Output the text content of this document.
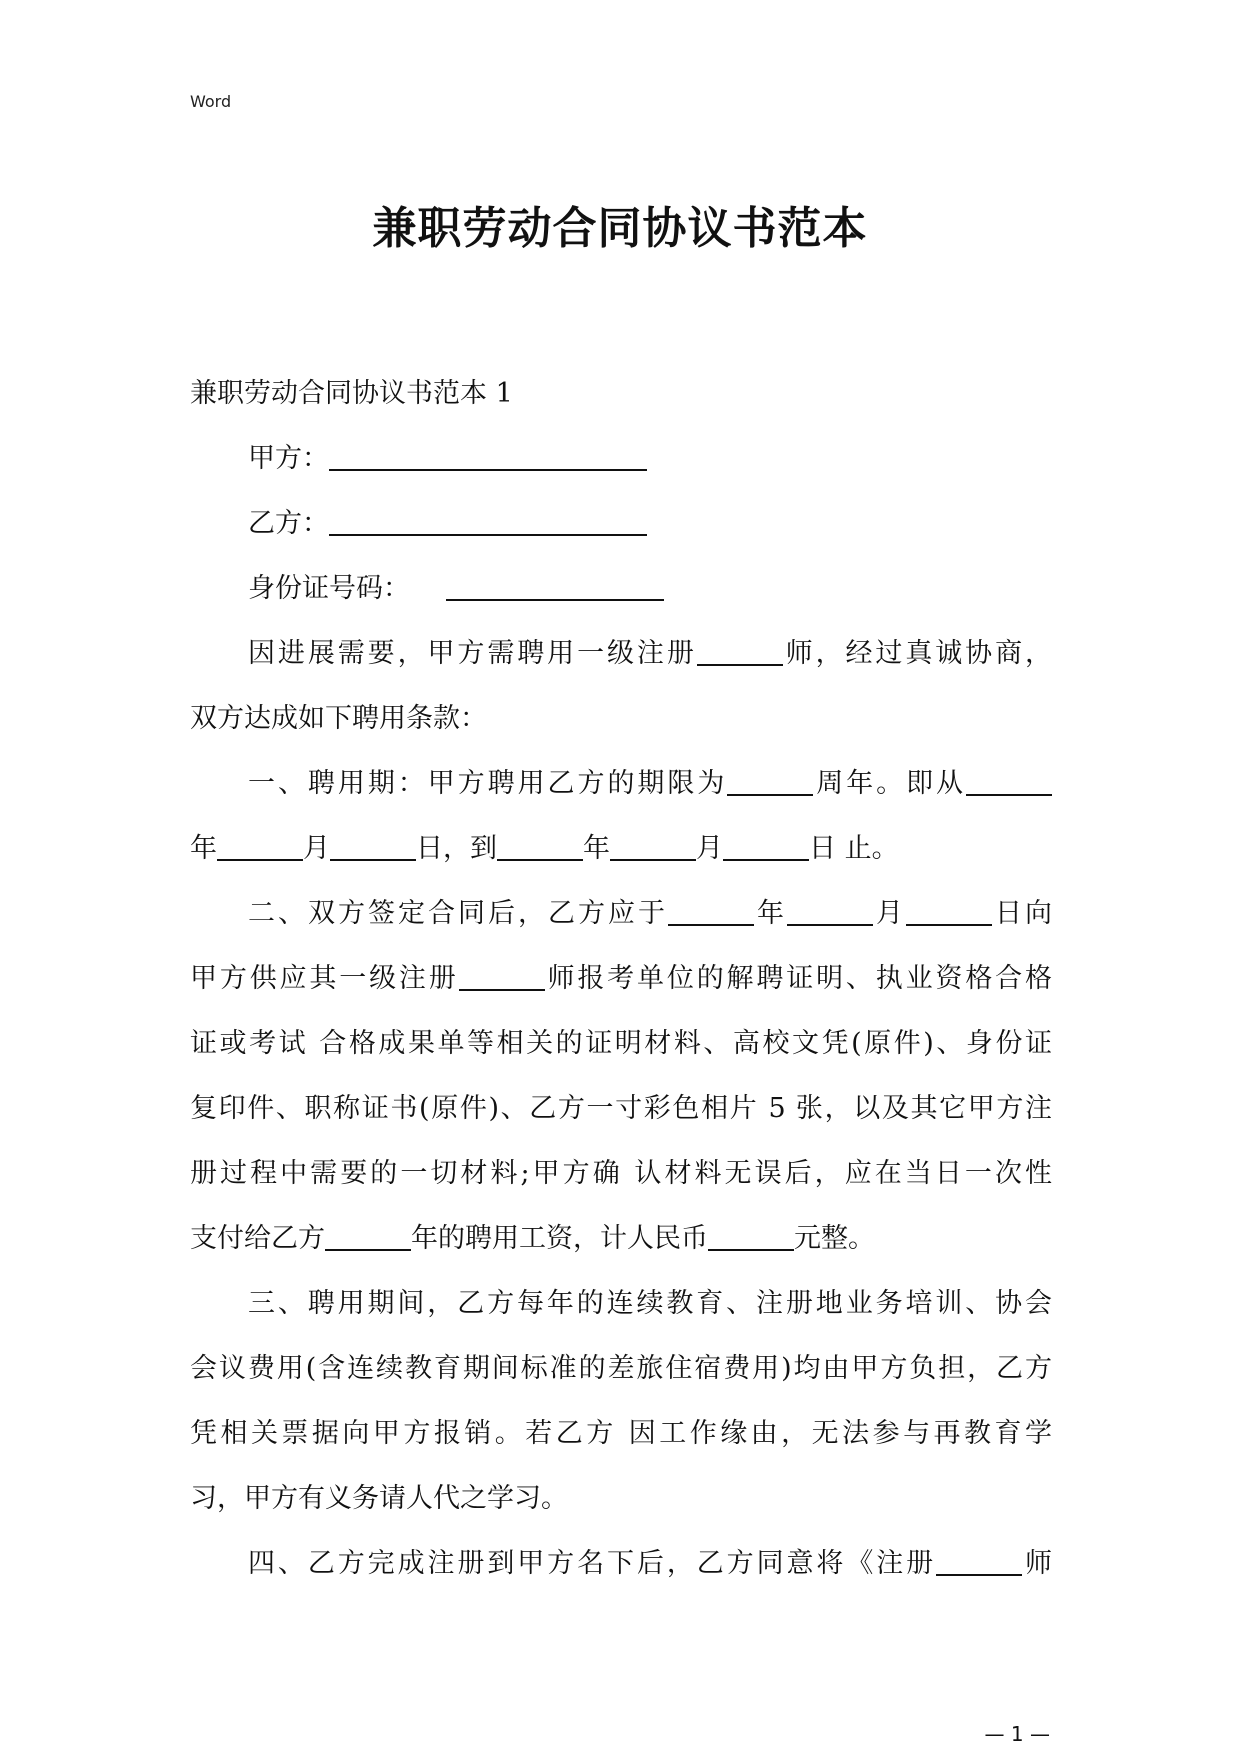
Word
兼职劳动合同协议书范本
兼职劳动合同协议书范本 1
甲方：
乙方：
身份证号码：
因进展需要，甲方需聘用一级注册	师，经过真诚协商，
双方达成如下聘用条款：
一、聘用期：甲方聘用乙方的期限为	周年。即从
年	月	日，到	年	月	日 止。
二、双方签定合同后，乙方应于	年	月	日向
甲方供应其一级注册	师报考单位的解聘证明、执业资格合格
证或考试 合格成果单等相关的证明材料、高校文凭(原件)、身份证
复印件、职称证书(原件)、乙方一寸彩色相片 5 张，以及其它甲方注
册过程中需要的一切材料;甲方确 认材料无误后，应在当日一次性
支付给乙方	年的聘用工资，计人民币	元整。
三、聘用期间，乙方每年的连续教育、注册地业务培训、协会
会议费用(含连续教育期间标准的差旅住宿费用)均由甲方负担，乙方
凭相关票据向甲方报销。若乙方 因工作缘由，无法参与再教育学
习，甲方有义务请人代之学习。
四、乙方完成注册到甲方名下后，乙方同意将《注册	师
— 1 —
